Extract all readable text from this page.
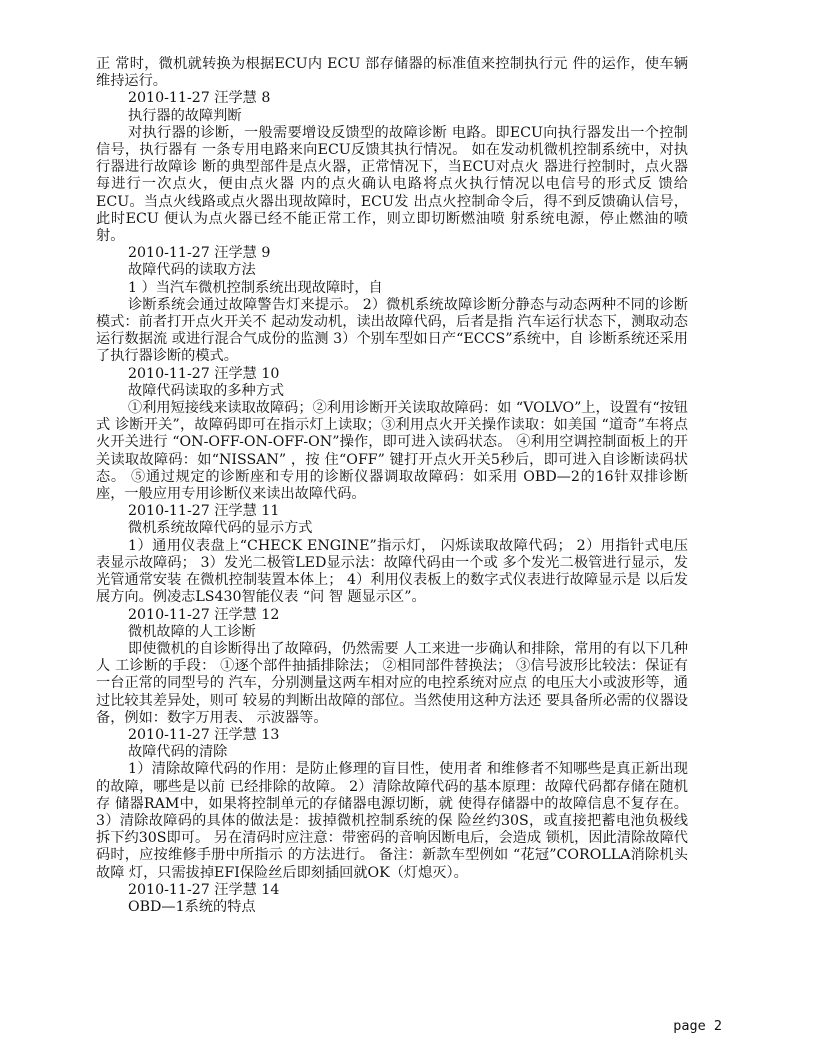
正 常时，微机就转换为根据ECU内 ECU 部存储器的标准值来控制执行元 件的运作，使车辆维持运行。

2010-11-27 汪学慧 8

执行器的故障判断

对执行器的诊断，一般需要增设反馈型的故障诊断 电路。即ECU向执行器发出一个控制信号，执行器有 一条专用电路来向ECU反馈其执行情况。 如在发动机微机控制系统中，对执行器进行故障诊 断的典型部件是点火器，正常情况下，当ECU对点火 器进行控制时，点火器每进行一次点火，便由点火器 内的点火确认电路将点火执行情况以电信号的形式反 馈给ECU。当点火线路或点火器出现故障时，ECU发 出点火控制命令后，得不到反馈确认信号，此时ECU 便认为点火器已经不能正常工作，则立即切断燃油喷 射系统电源，停止燃油的喷射。

2010-11-27 汪学慧 9

故障代码的读取方法

1 ）当汽车微机控制系统出现故障时，自

诊断系统会通过故障警告灯来提示。 2）微机系统故障诊断分静态与动态两种不同的诊断模式：前者打开点火开关不 起动发动机，读出故障代码，后者是指 汽车运行状态下，测取动态运行数据流 或进行混合气成份的监测 3）个别车型如日产“ECCS”系统中，自 诊断系统还采用了执行器诊断的模式。

2010-11-27 汪学慧 10

故障代码读取的多种方式

①利用短接线来读取故障码；②利用诊断开关读取故障码：如 “VOLVO”上，设置有“按钮式 诊断开关”，故障码即可在指示灯上读取；③利用点火开关操作读取：如美国 “道奇”车将点火开关进行 “ON-OFF-ON-OFF-ON”操作，即可进入读码状态。 ④利用空调控制面板上的开关读取故障码：如“NISSAN” ，按 住“OFF” 键打开点火开关5秒后，即可进入自诊断读码状态。 ⑤通过规定的诊断座和专用的诊断仪器调取故障码：如采用 OBD—2的16针双排诊断座，一般应用专用诊断仪来读出故障代码。

2010-11-27 汪学慧 11

微机系统故障代码的显示方式

1）通用仪表盘上“CHECK ENGINE”指示灯， 闪烁读取故障代码； 2）用指针式电压表显示故障码； 3）发光二极管LED显示法：故障代码由一个或 多个发光二极管进行显示，发光管通常安装 在微机控制装置本体上； 4）利用仪表板上的数字式仪表进行故障显示是 以后发展方向。例凌志LS430智能仪表 “问 智 题显示区”。

2010-11-27 汪学慧 12

微机故障的人工诊断

即使微机的自诊断得出了故障码，仍然需要 人工来进一步确认和排除，常用的有以下几种人 工诊断的手段： ①逐个部件抽插排除法； ②相同部件替换法； ③信号波形比较法：保证有一台正常的同型号的 汽车，分别测量这两车相对应的电控系统对应点 的电压大小或波形等，通过比较其差异处，则可 较易的判断出故障的部位。当然使用这种方法还 要具备所必需的仪器设备，例如：数字万用表、 示波器等。

2010-11-27 汪学慧 13

故障代码的清除

1）清除故障代码的作用：是防止修理的盲目性，使用者 和维修者不知哪些是真正新出现的故障，哪些是以前 已经排除的故障。 2）清除故障代码的基本原理：故障代码都存储在随机存 储器RAM中，如果将控制单元的存储器电源切断，就 使得存储器中的故障信息不复存在。 3）清除故障码的具体的做法是：拔掉微机控制系统的保 险丝约30S，或直接把蓄电池负极线拆下约30S即可。 另在清码时应注意：带密码的音响因断电后，会造成 锁机，因此清除故障代码时，应按维修手册中所指示 的方法进行。 备注：新款车型例如 “花冠”COROLLA消除机头故障 灯，只需拔掉EFI保险丝后即刻插回就OK（灯熄灭）。

2010-11-27 汪学慧 14

OBD—1系统的特点

page 2
